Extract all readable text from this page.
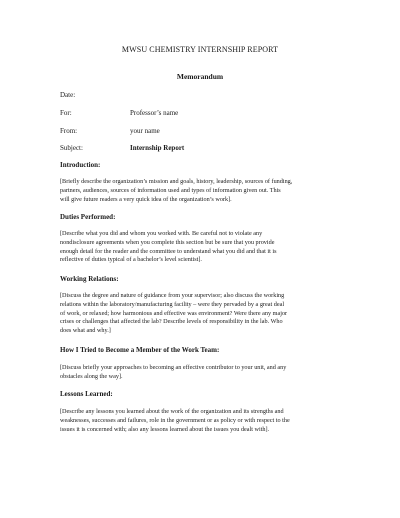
MWSU CHEMISTRY INTERNSHIP REPORT
Memorandum
Date:
For:	Professor’s name
From:	your name
Subject:	Internship Report
Introduction:
[Briefly describe the organization’s mission and goals, history, leadership, sources of funding,
partners, audiences, sources of information used and types of information given out. This
will give future readers a very quick idea of the organization’s work].
Duties Performed:
[Describe what you did and whom you worked with. Be careful not to violate any
nondisclosure agreements when you complete this section but be sure that you provide
enough detail for the reader and the committee to understand what you did and that it is
reflective of duties typical of a bachelor’s level scientist].
Working Relations:
[Discuss the degree and nature of guidance from your supervisor; also discuss the working
relations within the laboratory/manufacturing facility – were they pervaded by a great deal
of work, or relaxed; how harmonious and effective was environment? Were there any major
crises or challenges that affected the lab? Describe levels of responsibility in the lab. Who
does what and why.]
How I Tried to Become a Member of the Work Team:
[Discuss briefly your approaches to becoming an effective contributor to your unit, and any
obstacles along the way].
Lessons Learned:
[Describe any lessons you learned about the work of the organization and its strengths and
weaknesses, successes and failures, role in the government or as policy or with respect to the
issues it is concerned with; also any lessons learned about the issues you dealt with].
